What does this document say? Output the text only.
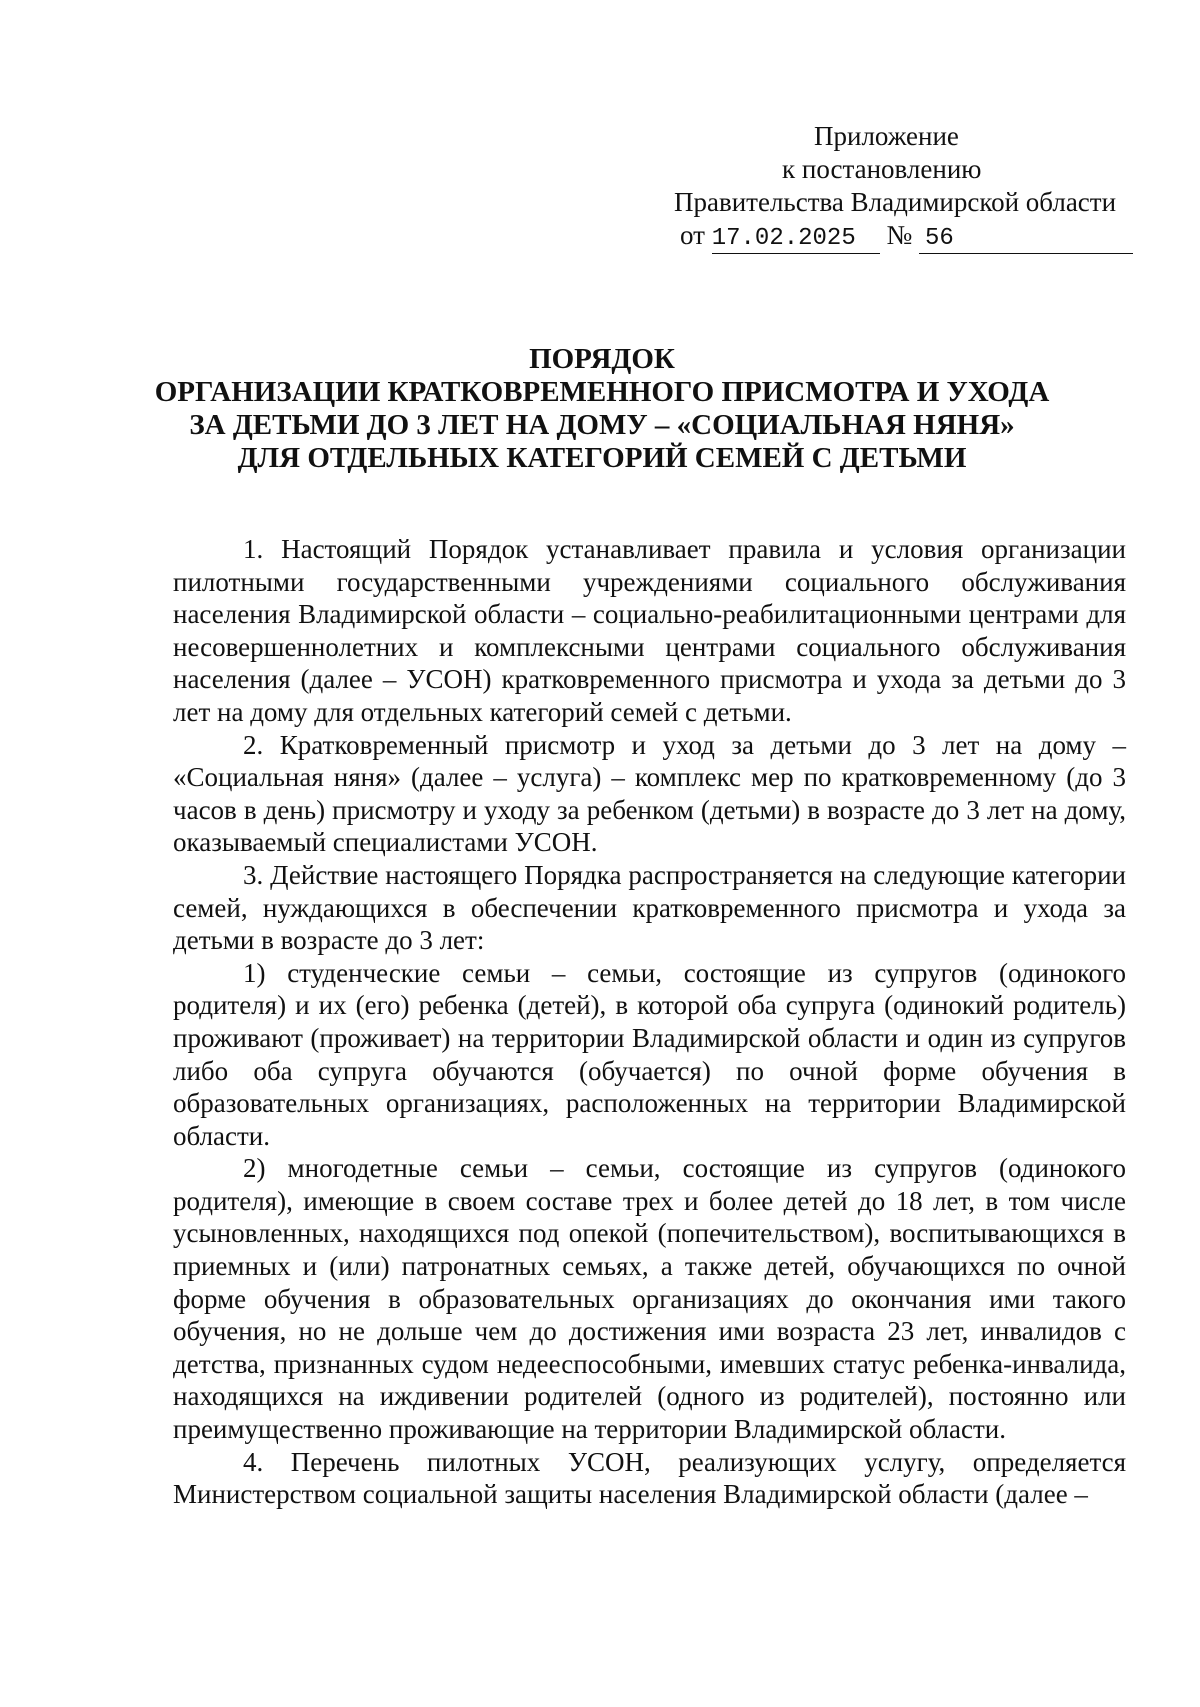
Приложение
к постановлению
Правительства Владимирской области
от 17.02.2025 № 56
ПОРЯДОК
ОРГАНИЗАЦИИ КРАТКОВРЕМЕННОГО ПРИСМОТРА И УХОДА
ЗА ДЕТЬМИ ДО 3 ЛЕТ НА ДОМУ – «СОЦИАЛЬНАЯ НЯНЯ»
ДЛЯ ОТДЕЛЬНЫХ КАТЕГОРИЙ СЕМЕЙ С ДЕТЬМИ

1. Настоящий Порядок устанавливает правила и условия организации пилотными государственными учреждениями социального обслуживания населения Владимирской области – социально-реабилитационными центрами для несовершеннолетних и комплексными центрами социального обслуживания населения (далее – УСОН) кратковременного присмотра и ухода за детьми до 3 лет на дому для отдельных категорий семей с детьми.

2. Кратковременный присмотр и уход за детьми до 3 лет на дому – «Социальная няня» (далее – услуга) – комплекс мер по кратковременному (до 3 часов в день) присмотру и уходу за ребенком (детьми) в возрасте до 3 лет на дому, оказываемый специалистами УСОН.

3. Действие настоящего Порядка распространяется на следующие категории семей, нуждающихся в обеспечении кратковременного присмотра и ухода за детьми в возрасте до 3 лет:

1) студенческие семьи – семьи, состоящие из супругов (одинокого родителя) и их (его) ребенка (детей), в которой оба супруга (одинокий родитель) проживают (проживает) на территории Владимирской области и один из супругов либо оба супруга обучаются (обучается) по очной форме обучения в образовательных организациях, расположенных на территории Владимирской области.

2) многодетные семьи – семьи, состоящие из супругов (одинокого родителя), имеющие в своем составе трех и более детей до 18 лет, в том числе усыновленных, находящихся под опекой (попечительством), воспитывающихся в приемных и (или) патронатных семьях, а также детей, обучающихся по очной форме обучения в образовательных организациях до окончания ими такого обучения, но не дольше чем до достижения ими возраста 23 лет, инвалидов с детства, признанных судом недееспособными, имевших статус ребенка-инвалида, находящихся на иждивении родителей (одного из родителей), постоянно или преимущественно проживающие на территории Владимирской области.

4. Перечень пилотных УСОН, реализующих услугу, определяется Министерством социальной защиты населения Владимирской области (далее –
